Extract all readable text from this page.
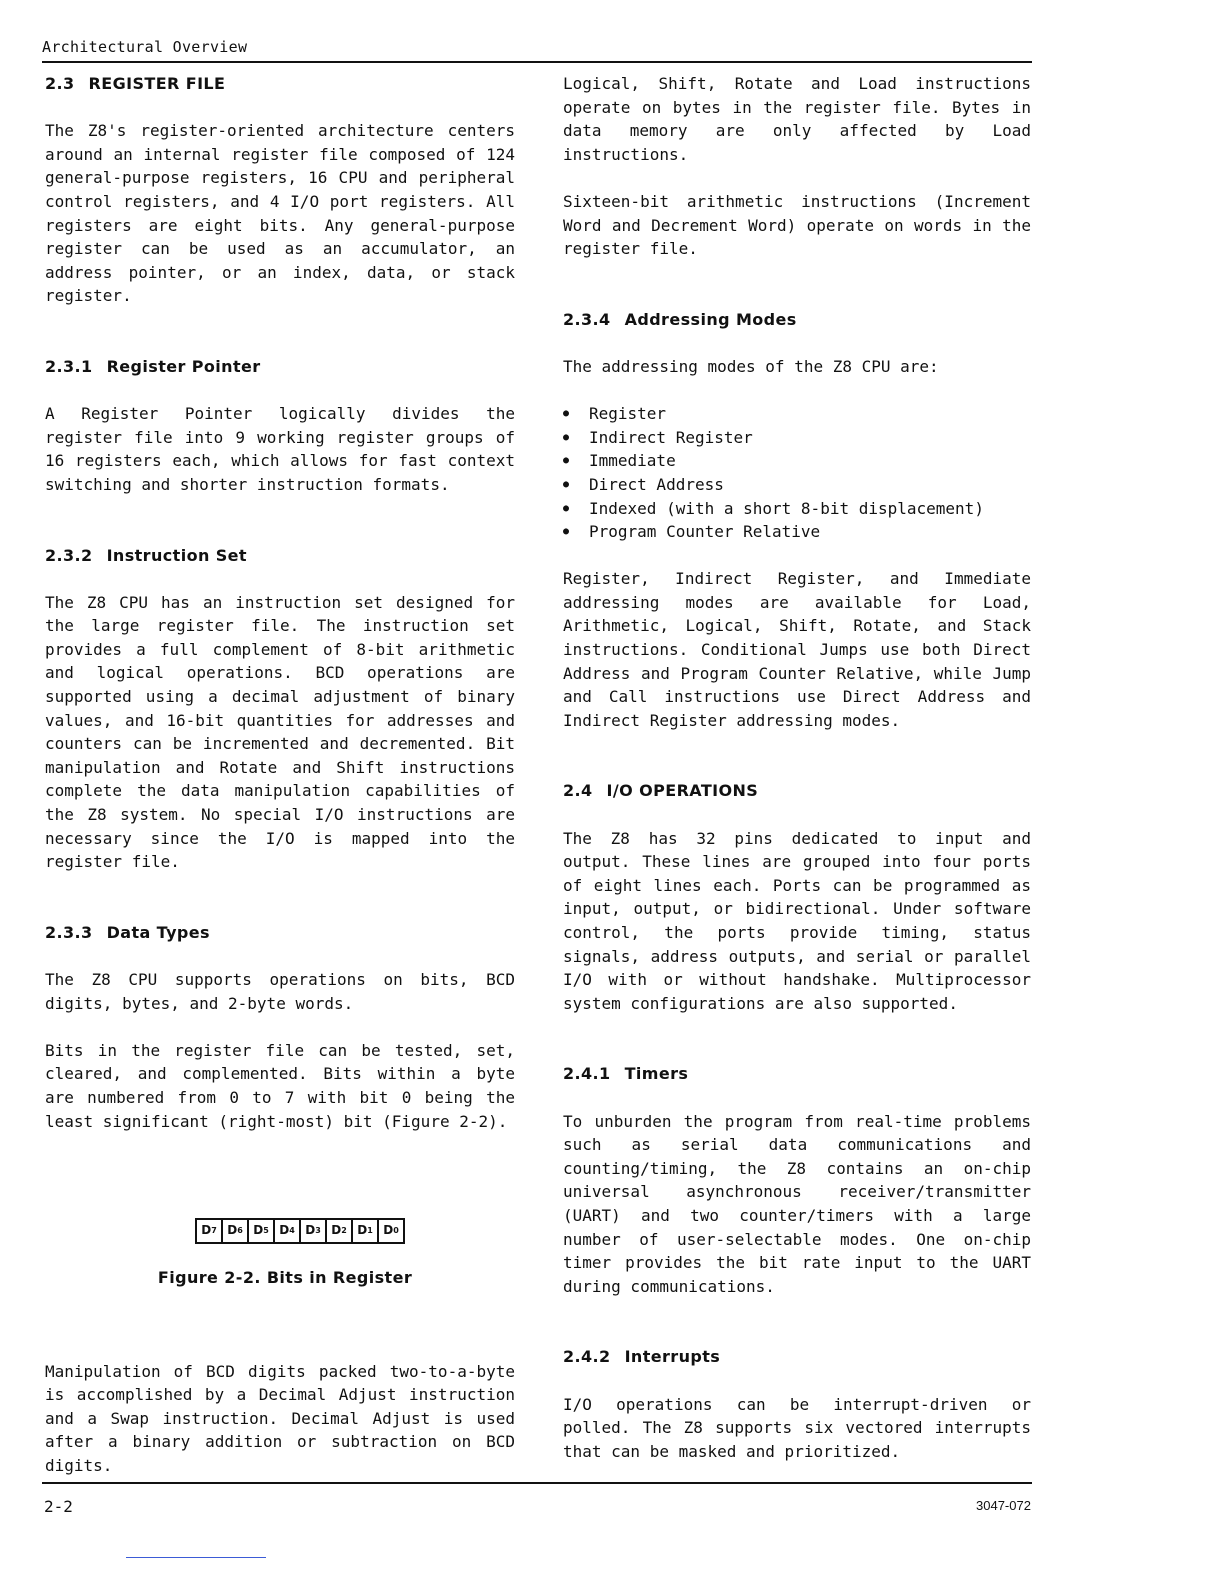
Architectural Overview
2.3 REGISTER FILE

The Z8's register-oriented architecture centers around an internal register file composed of 124 general-purpose registers, 16 CPU and peripheral control registers, and 4 I/O port registers. All registers are eight bits. Any general-purpose register can be used as an accumulator, an address pointer, or an index, data, or stack register.

2.3.1 Register Pointer

A Register Pointer logically divides the register file into 9 working register groups of 16 registers each, which allows for fast context switching and shorter instruction formats.

2.3.2 Instruction Set

The Z8 CPU has an instruction set designed for the large register file. The instruction set provides a full complement of 8-bit arithmetic and logical operations. BCD operations are supported using a decimal adjustment of binary values, and 16-bit quantities for addresses and counters can be incremented and decremented. Bit manipulation and Rotate and Shift instructions complete the data manipulation capabilities of the Z8 system. No special I/O instructions are necessary since the I/O is mapped into the register file.

2.3.3 Data Types

The Z8 CPU supports operations on bits, BCD digits, bytes, and 2-byte words.

Bits in the register file can be tested, set, cleared, and complemented. Bits within a byte are numbered from 0 to 7 with bit 0 being the least significant (right-most) bit (Figure 2-2).

D 7 D 6 D 5 D 4 D 3 D 2 D 1 D 0
Figure 2-2. Bits in Register

Manipulation of BCD digits packed two-to-a-byte is accomplished by a Decimal Adjust instruction and a Swap instruction. Decimal Adjust is used after a binary addition or subtraction on BCD digits.

Logical, Shift, Rotate and Load instructions operate on bytes in the register file. Bytes in data memory are only affected by Load instructions.

Sixteen-bit arithmetic instructions (Increment Word and Decrement Word) operate on words in the register file.

2.3.4 Addressing Modes

The addressing modes of the Z8 CPU are:

● Register
● Indirect Register
● Immediate
● Direct Address
● Indexed (with a short 8-bit displacement)
● Program Counter Relative

Register, Indirect Register, and Immediate addressing modes are available for Load, Arithmetic, Logical, Shift, Rotate, and Stack instructions. Conditional Jumps use both Direct Address and Program Counter Relative, while Jump and Call instructions use Direct Address and Indirect Register addressing modes.

2.4 I/O OPERATIONS

The Z8 has 32 pins dedicated to input and output. These lines are grouped into four ports of eight lines each. Ports can be programmed as input, output, or bidirectional. Under software control, the ports provide timing, status signals, address outputs, and serial or parallel I/O with or without handshake. Multiprocessor system configurations are also supported.

2.4.1 Timers

To unburden the program from real-time problems such as serial data communications and counting/timing, the Z8 contains an on-chip universal asynchronous receiver/transmitter (UART) and two counter/timers with a large number of user-selectable modes. One on-chip timer provides the bit rate input to the UART during communications.

2.4.2 Interrupts

I/O operations can be interrupt-driven or polled. The Z8 supports six vectored interrupts that can be masked and prioritized.

2-2	3047-072
